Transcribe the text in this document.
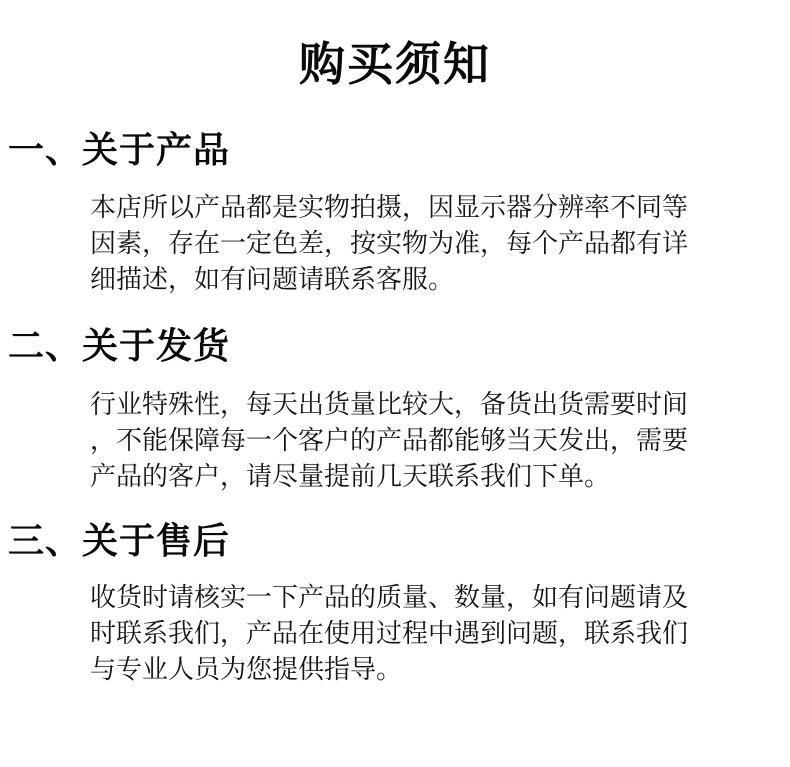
购买须知
一、关于产品
本店所以产品都是实物拍摄，因显示器分辨率不同等
因素，存在一定色差，按实物为准，每个产品都有详
细描述，如有问题请联系客服。
二、关于发货
行业特殊性，每天出货量比较大，备货出货需要时间
，不能保障每一个客户的产品都能够当天发出，需要
产品的客户，请尽量提前几天联系我们下单。
三、关于售后
收货时请核实一下产品的质量、数量，如有问题请及
时联系我们，产品在使用过程中遇到问题，联系我们
与专业人员为您提供指导。
